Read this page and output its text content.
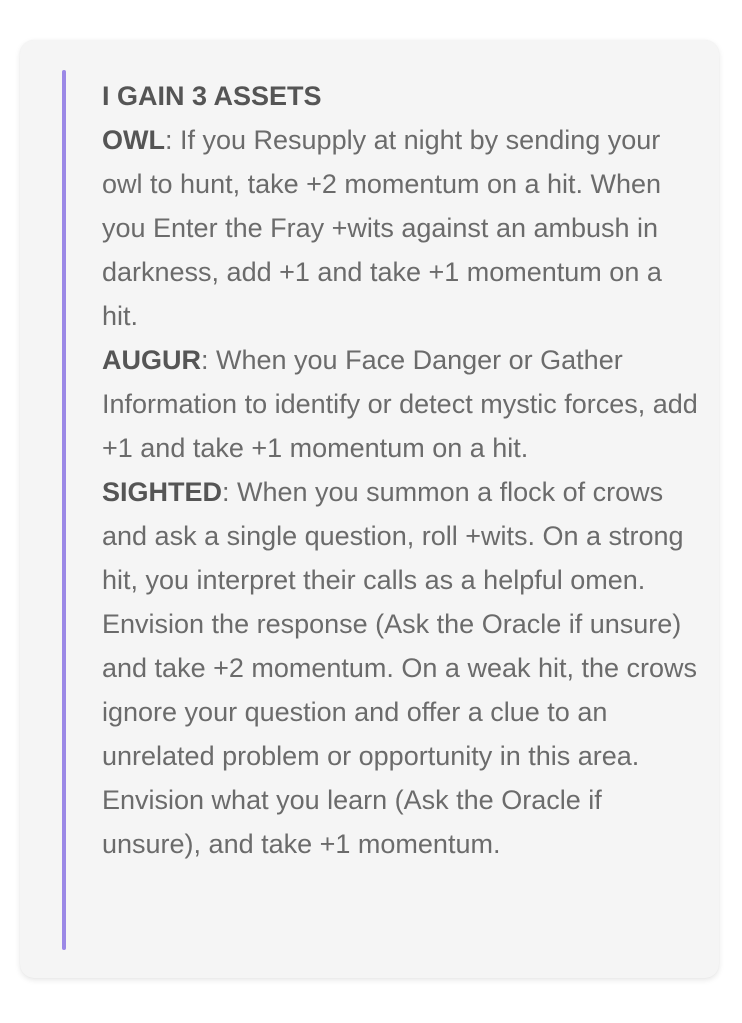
I GAIN 3 ASSETS

OWL: If you Resupply at night by sending your owl to hunt, take +2 momentum on a hit. When you Enter the Fray +wits against an ambush in darkness, add +1 and take +1 momentum on a hit.

AUGUR: When you Face Danger or Gather Information to identify or detect mystic forces, add +1 and take +1 momentum on a hit.

SIGHTED: When you summon a flock of crows and ask a single question, roll +wits. On a strong hit, you interpret their calls as a helpful omen. Envision the response (Ask the Oracle if unsure) and take +2 momentum. On a weak hit, the crows ignore your question and offer a clue to an unrelated problem or opportunity in this area. Envision what you learn (Ask the Oracle if unsure), and take +1 momentum.
